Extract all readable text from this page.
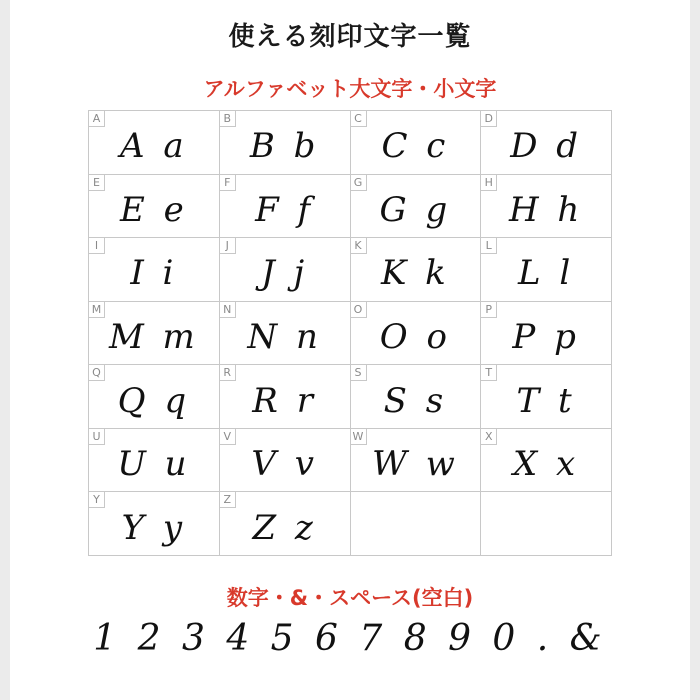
使える刻印文字一覧
アルファベット大文字・小文字
A
A a
B
B b
C
C c
D
D d
E
E e
F
F f
G
G g
H
H h
I
I i
J
J j
K
K k
L
L l
M
M m
N
N n
O
O o
P
P p
Q
Q q
R
R r
S
S s
T
T t
U
U u
V
V v
W
W w
X
X x
Y
Y y
Z
Z z
数字・&・スペース(空白)
1 2 3 4 5 6 7 8 9 0 . &
